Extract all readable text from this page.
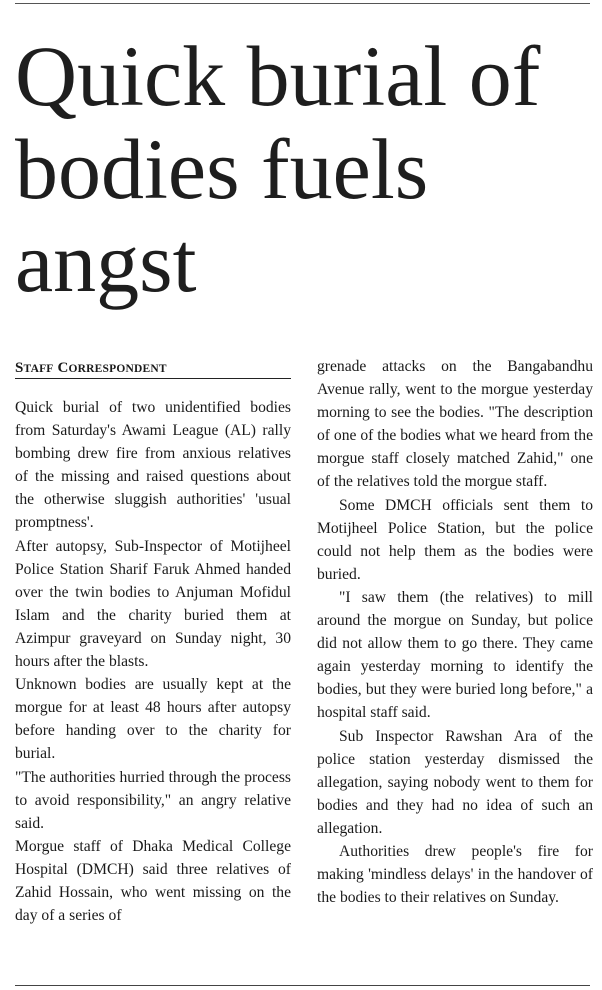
Quick burial of bodies fuels angst
STAFF CORRESPONDENT

Quick burial of two unidentified bodies from Saturday's Awami League (AL) rally bombing drew fire from anxious relatives of the missing and raised questions about the otherwise sluggish authorities' 'usual promptness'.

After autopsy, Sub-Inspector of Motijheel Police Station Sharif Faruk Ahmed handed over the twin bodies to Anjuman Mofidul Islam and the charity buried them at Azimpur graveyard on Sunday night, 30 hours after the blasts.

Unknown bodies are usually kept at the morgue for at least 48 hours after autopsy before handing over to the charity for burial.

"The authorities hurried through the process to avoid responsibility," an angry relative said.

Morgue staff of Dhaka Medical College Hospital (DMCH) said three relatives of Zahid Hossain, who went missing on the day of a series of

grenade attacks on the Bangabandhu Avenue rally, went to the morgue yesterday morning to see the bodies. "The description of one of the bodies what we heard from the morgue staff closely matched Zahid," one of the relatives told the morgue staff.

Some DMCH officials sent them to Motijheel Police Station, but the police could not help them as the bodies were buried.

"I saw them (the relatives) to mill around the morgue on Sunday, but police did not allow them to go there. They came again yesterday morning to identify the bodies, but they were buried long before," a hospital staff said.

Sub Inspector Rawshan Ara of the police station yesterday dismissed the allegation, saying nobody went to them for bodies and they had no idea of such an allegation.

Authorities drew people's fire for making 'mindless delays' in the handover of the bodies to their relatives on Sunday.
